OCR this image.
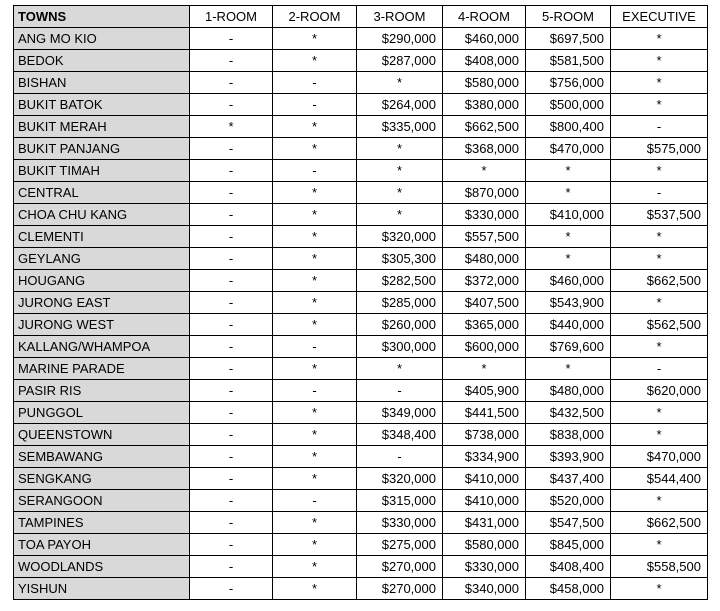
TOWNS	1-ROOM	2-ROOM	3-ROOM	4-ROOM	5-ROOM	EXECUTIVE
ANG MO KIO	-	*	$290,000	$460,000	$697,500	*
BEDOK	-	*	$287,000	$408,000	$581,500	*
BISHAN	-	-	*	$580,000	$756,000	*
BUKIT BATOK	-	-	$264,000	$380,000	$500,000	*
BUKIT MERAH	*	*	$335,000	$662,500	$800,400	-
BUKIT PANJANG	-	*	*	$368,000	$470,000	$575,000
BUKIT TIMAH	-	-	*	*	*	*
CENTRAL	-	*	*	$870,000	*	-
CHOA CHU KANG	-	*	*	$330,000	$410,000	$537,500
CLEMENTI	-	*	$320,000	$557,500	*	*
GEYLANG	-	*	$305,300	$480,000	*	*
HOUGANG	-	*	$282,500	$372,000	$460,000	$662,500
JURONG EAST	-	*	$285,000	$407,500	$543,900	*
JURONG WEST	-	*	$260,000	$365,000	$440,000	$562,500
KALLANG/WHAMPOA	-	-	$300,000	$600,000	$769,600	*
MARINE PARADE	-	*	*	*	*	-
PASIR RIS	-	-	-	$405,900	$480,000	$620,000
PUNGGOL	-	*	$349,000	$441,500	$432,500	*
QUEENSTOWN	-	*	$348,400	$738,000	$838,000	*
SEMBAWANG	-	*	-	$334,900	$393,900	$470,000
SENGKANG	-	*	$320,000	$410,000	$437,400	$544,400
SERANGOON	-	-	$315,000	$410,000	$520,000	*
TAMPINES	-	*	$330,000	$431,000	$547,500	$662,500
TOA PAYOH	-	*	$275,000	$580,000	$845,000	*
WOODLANDS	-	*	$270,000	$330,000	$408,400	$558,500
YISHUN	-	*	$270,000	$340,000	$458,000	*
